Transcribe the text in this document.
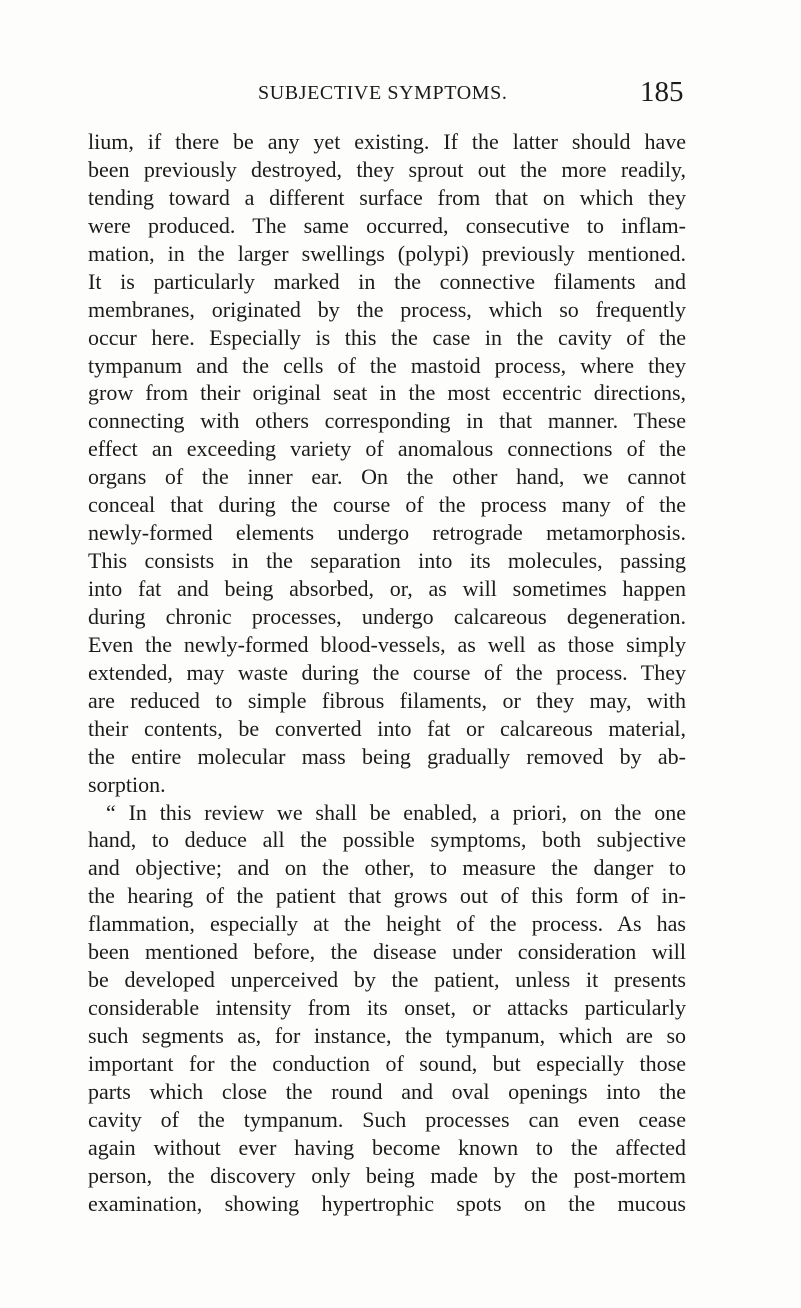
SUBJECTIVE SYMPTOMS.	185
lium, if there be any yet existing. If the latter should have
been previously destroyed, they sprout out the more readily,
tending toward a different surface from that on which they
were produced. The same occurred, consecutive to inflam-
mation, in the larger swellings (polypi) previously mentioned.
It is particularly marked in the connective filaments and
membranes, originated by the process, which so frequently
occur here. Especially is this the case in the cavity of the
tympanum and the cells of the mastoid process, where they
grow from their original seat in the most eccentric directions,
connecting with others corresponding in that manner. These
effect an exceeding variety of anomalous connections of the
organs of the inner ear. On the other hand, we cannot
conceal that during the course of the process many of the
newly-formed elements undergo retrograde metamorphosis.
This consists in the separation into its molecules, passing
into fat and being absorbed, or, as will sometimes happen
during chronic processes, undergo calcareous degeneration.
Even the newly-formed blood-vessels, as well as those simply
extended, may waste during the course of the process. They
are reduced to simple fibrous filaments, or they may, with
their contents, be converted into fat or calcareous material,
the entire molecular mass being gradually removed by ab-
sorption.
“ In this review we shall be enabled, a priori, on the one
hand, to deduce all the possible symptoms, both subjective
and objective; and on the other, to measure the danger to
the hearing of the patient that grows out of this form of in-
flammation, especially at the height of the process. As has
been mentioned before, the disease under consideration will
be developed unperceived by the patient, unless it presents
considerable intensity from its onset, or attacks particularly
such segments as, for instance, the tympanum, which are so
important for the conduction of sound, but especially those
parts which close the round and oval openings into the
cavity of the tympanum. Such processes can even cease
again without ever having become known to the affected
person, the discovery only being made by the post-mortem
examination, showing hypertrophic spots on the mucous
